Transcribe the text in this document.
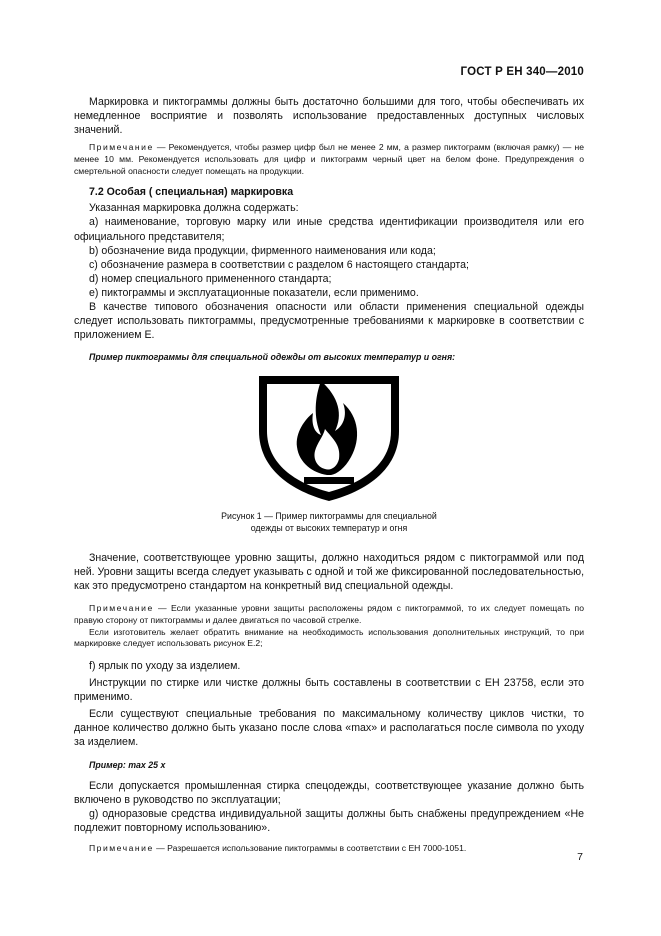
ГОСТ Р ЕН 340—2010

Маркировка и пиктограммы должны быть достаточно большими для того, чтобы обеспечивать их немедленное восприятие и позволять использование предоставленных доступных числовых значений.

Примечание — Рекомендуется, чтобы размер цифр был не менее 2 мм, а размер пиктограмм (включая рамку) — не менее 10 мм. Рекомендуется использовать для цифр и пиктограмм черный цвет на белом фоне. Предупреждения о смертельной опасности следует помещать на продукции.

7.2 Особая ( специальная) маркировка

Указанная маркировка должна содержать:

a) наименование, торговую марку или иные средства идентификации производителя или его официального представителя;

b) обозначение вида продукции, фирменного наименования или кода;

c) обозначение размера в соответствии с разделом 6 настоящего стандарта;

d) номер специального примененного стандарта;

e) пиктограммы и эксплуатационные показатели, если применимо.

В качестве типового обозначения опасности или области применения специальной одежды следует использовать пиктограммы, предусмотренные требованиями к маркировке в соответствии с приложением Е.

Пример пиктограммы для специальной одежды от высоких температур и огня:

Рисунок 1 — Пример пиктограммы для специальной

одежды от высоких температур и огня

Значение, соответствующее уровню защиты, должно находиться рядом с пиктограммой или под ней. Уровни защиты всегда следует указывать с одной и той же фиксированной последовательностью, как это предусмотрено стандартом на конкретный вид специальной одежды.

Примечание — Если указанные уровни защиты расположены рядом с пиктограммой, то их следует помещать по правую сторону от пиктограммы и далее двигаться по часовой стрелке.

Если изготовитель желает обратить внимание на необходимость использования дополнительных инструкций, то при маркировке следует использовать рисунок Е.2;

f) ярлык по уходу за изделием.

Инструкции по стирке или чистке должны быть составлены в соответствии с ЕН 23758, если это применимо.

Если существуют специальные требования по максимальному количеству циклов чистки, то данное количество должно быть указано после слова «max» и располагаться после символа по уходу за изделием.

Пример: max 25 x

Если допускается промышленная стирка спецодежды, соответствующее указание должно быть включено в руководство по эксплуатации;

g) одноразовые средства индивидуальной защиты должны быть снабжены предупреждением «Не подлежит повторному использованию».

Примечание — Разрешается использование пиктограммы в соответствии с ЕН 7000-1051.

7
